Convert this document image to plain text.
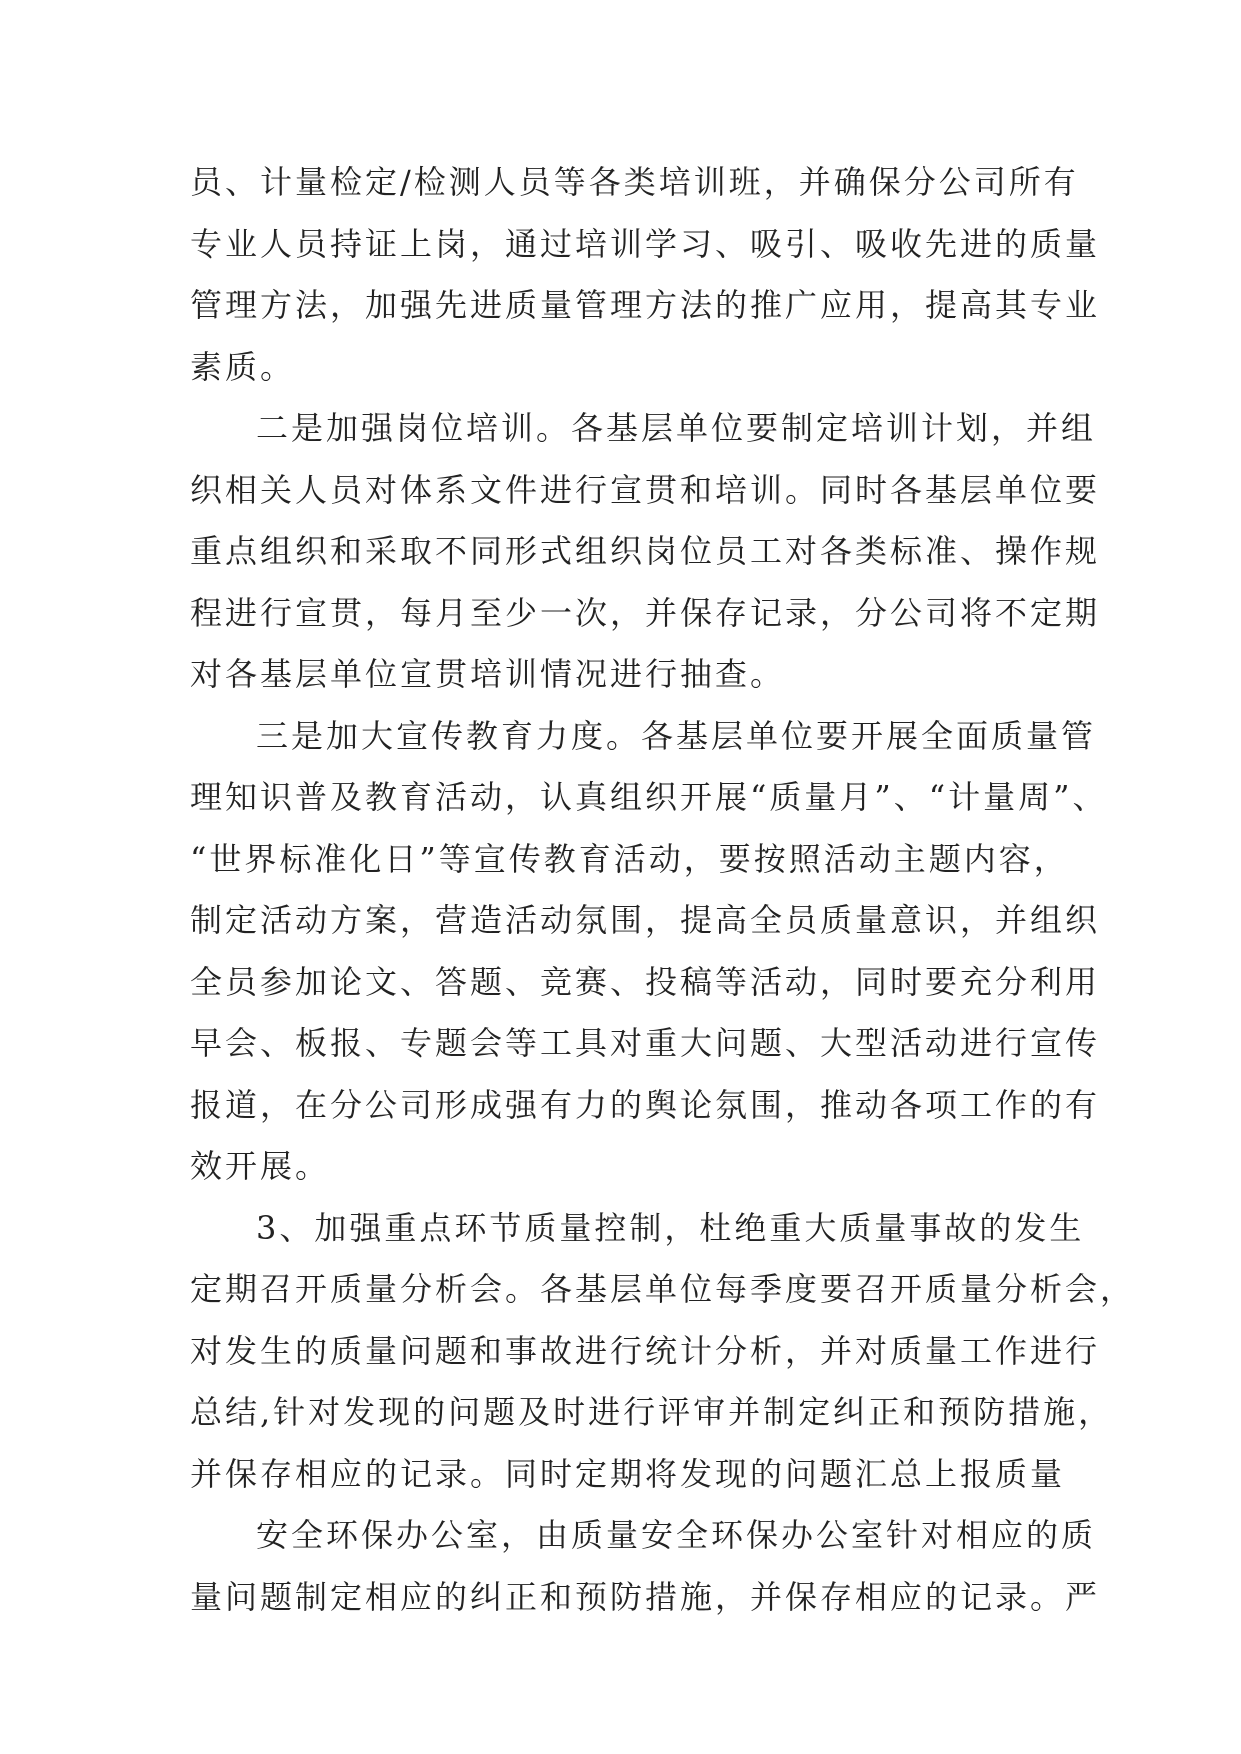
员、计量检定/检测人员等各类培训班，并确保分公司所有
专业人员持证上岗，通过培训学习、吸引、吸收先进的质量
管理方法，加强先进质量管理方法的推广应用，提高其专业
素质。
二是加强岗位培训。各基层单位要制定培训计划，并组
织相关人员对体系文件进行宣贯和培训。同时各基层单位要
重点组织和采取不同形式组织岗位员工对各类标准、操作规
程进行宣贯，每月至少一次，并保存记录，分公司将不定期
对各基层单位宣贯培训情况进行抽查。
三是加大宣传教育力度。各基层单位要开展全面质量管
理知识普及教育活动，认真组织开展“质量月”、“计量周”、
“世界标准化日”等宣传教育活动，要按照活动主题内容，
制定活动方案，营造活动氛围，提高全员质量意识，并组织
全员参加论文、答题、竞赛、投稿等活动，同时要充分利用
早会、板报、专题会等工具对重大问题、大型活动进行宣传
报道，在分公司形成强有力的舆论氛围，推动各项工作的有
效开展。
3、加强重点环节质量控制，杜绝重大质量事故的发生
定期召开质量分析会。各基层单位每季度要召开质量分析会，
对发生的质量问题和事故进行统计分析，并对质量工作进行
总结,针对发现的问题及时进行评审并制定纠正和预防措施，
并保存相应的记录。同时定期将发现的问题汇总上报质量
安全环保办公室，由质量安全环保办公室针对相应的质
量问题制定相应的纠正和预防措施，并保存相应的记录。严
